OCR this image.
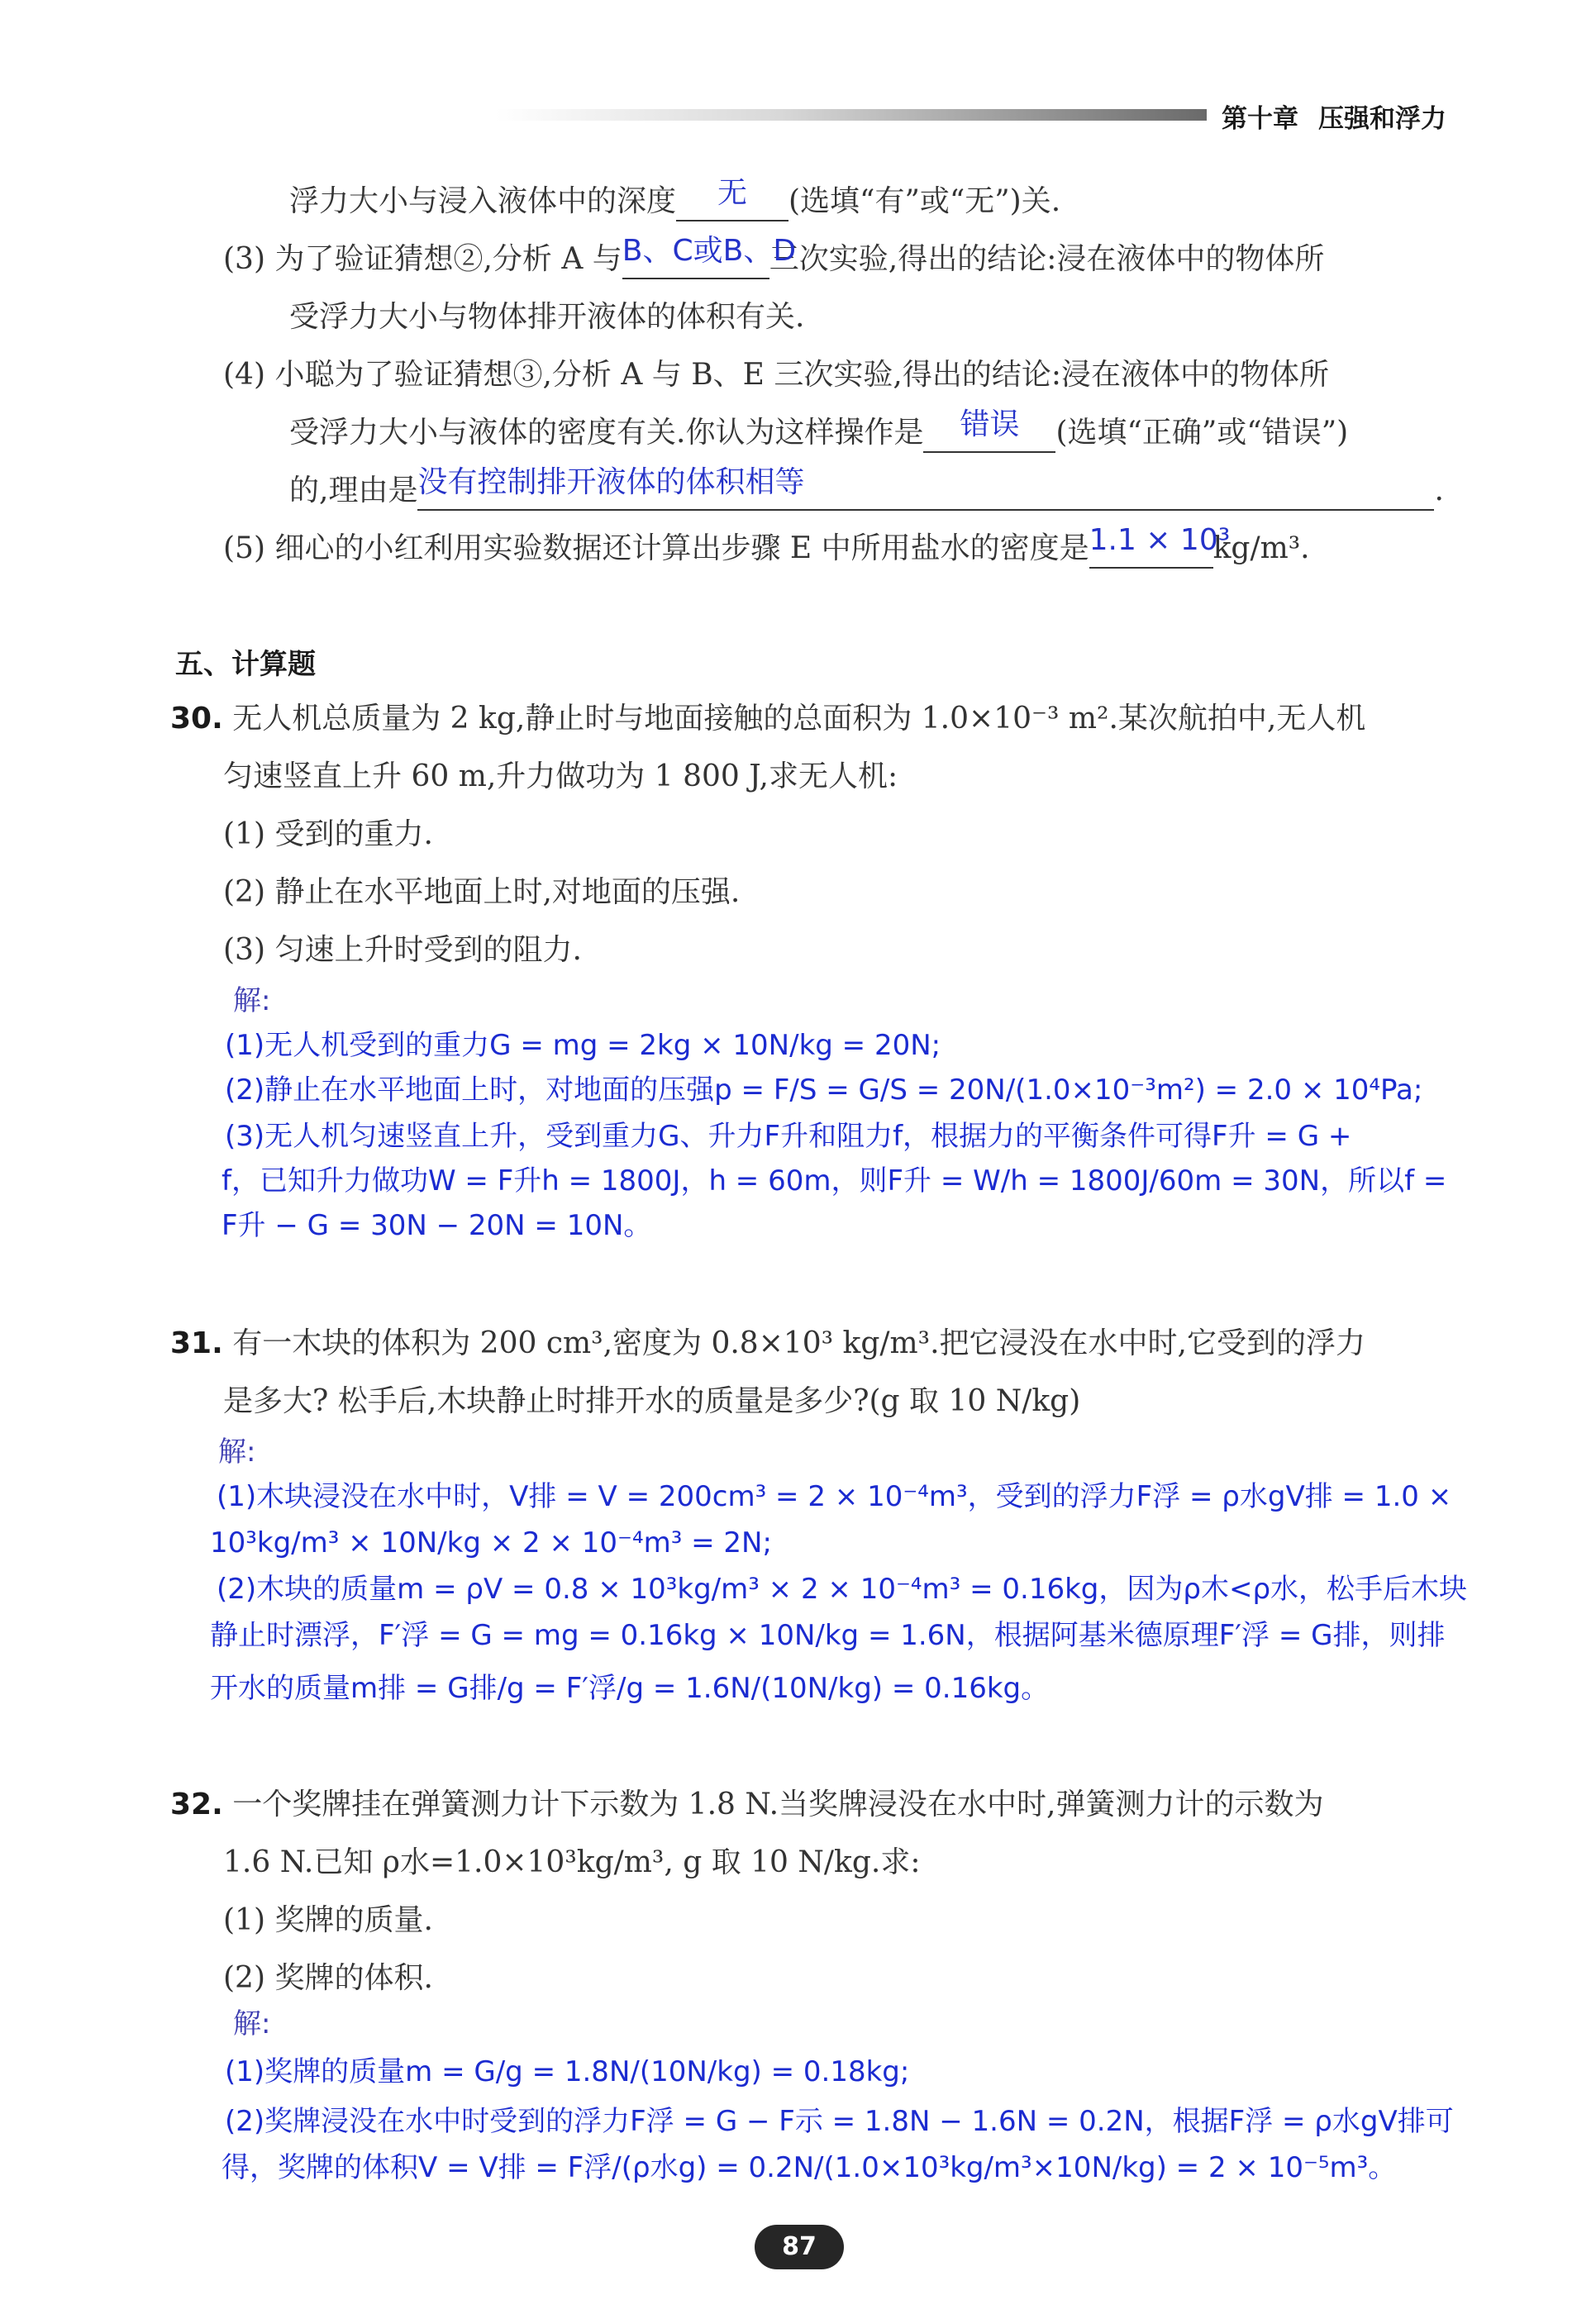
第十章 压强和浮力
浮力大小与浸入液体中的深度 无 (选填“有”或“无”)关.
(3) 为了验证猜想②,分析 A 与B、C或B、D三次实验,得出的结论:浸在液体中的物体所
受浮力大小与物体排开液体的体积有关.
(4) 小聪为了验证猜想③,分析 A 与 B、E 三次实验,得出的结论:浸在液体中的物体所
受浮力大小与液体的密度有关.你认为这样操作是 错误 (选填“正确”或“错误”)
的,理由是没有控制排开液体的体积相等	.
(5) 细心的小红利用实验数据还计算出步骤 E 中所用盐水的密度是1.1 × 10³kg/m³.
五、计算题
30. 无人机总质量为 2 kg,静止时与地面接触的总面积为 1.0×10⁻³ m².某次航拍中,无人机
匀速竖直上升 60 m,升力做功为 1 800 J,求无人机:
(1) 受到的重力.
(2) 静止在水平地面上时,对地面的压强.
(3) 匀速上升时受到的阻力.
解:
(1)无人机受到的重力G = mg = 2kg × 10N/kg = 20N;
(2)静止在水平地面上时，对地面的压强p = F/S = G/S = 20N/(1.0×10⁻³m²) = 2.0 × 10⁴Pa;
(3)无人机匀速竖直上升，受到重力G、升力F升和阻力f，根据力的平衡条件可得F升 = G +
f，已知升力做功W = F升h = 1800J，h = 60m，则F升 = W/h = 1800J/60m = 30N，所以f =
F升 − G = 30N − 20N = 10N。
31. 有一木块的体积为 200 cm³,密度为 0.8×10³ kg/m³.把它浸没在水中时,它受到的浮力
是多大? 松手后,木块静止时排开水的质量是多少?(g 取 10 N/kg)
解:
(1)木块浸没在水中时，V排 = V = 200cm³ = 2 × 10⁻⁴m³，受到的浮力F浮 = ρ水gV排 = 1.0 ×
10³kg/m³ × 10N/kg × 2 × 10⁻⁴m³ = 2N;
(2)木块的质量m = ρV = 0.8 × 10³kg/m³ × 2 × 10⁻⁴m³ = 0.16kg，因为ρ木<ρ水，松手后木块
静止时漂浮，F′浮 = G = mg = 0.16kg × 10N/kg = 1.6N，根据阿基米德原理F′浮 = G排，则排
开水的质量m排 = G排/g = F′浮/g = 1.6N/(10N/kg) = 0.16kg。
32. 一个奖牌挂在弹簧测力计下示数为 1.8 N.当奖牌浸没在水中时,弹簧测力计的示数为
1.6 N.已知 ρ水=1.0×10³kg/m³, g 取 10 N/kg.求:
(1) 奖牌的质量.
(2) 奖牌的体积.
解:
(1)奖牌的质量m = G/g = 1.8N/(10N/kg) = 0.18kg;
(2)奖牌浸没在水中时受到的浮力F浮 = G − F示 = 1.8N − 1.6N = 0.2N，根据F浮 = ρ水gV排可
得，奖牌的体积V = V排 = F浮/(ρ水g) = 0.2N/(1.0×10³kg/m³×10N/kg) = 2 × 10⁻⁵m³。
87
